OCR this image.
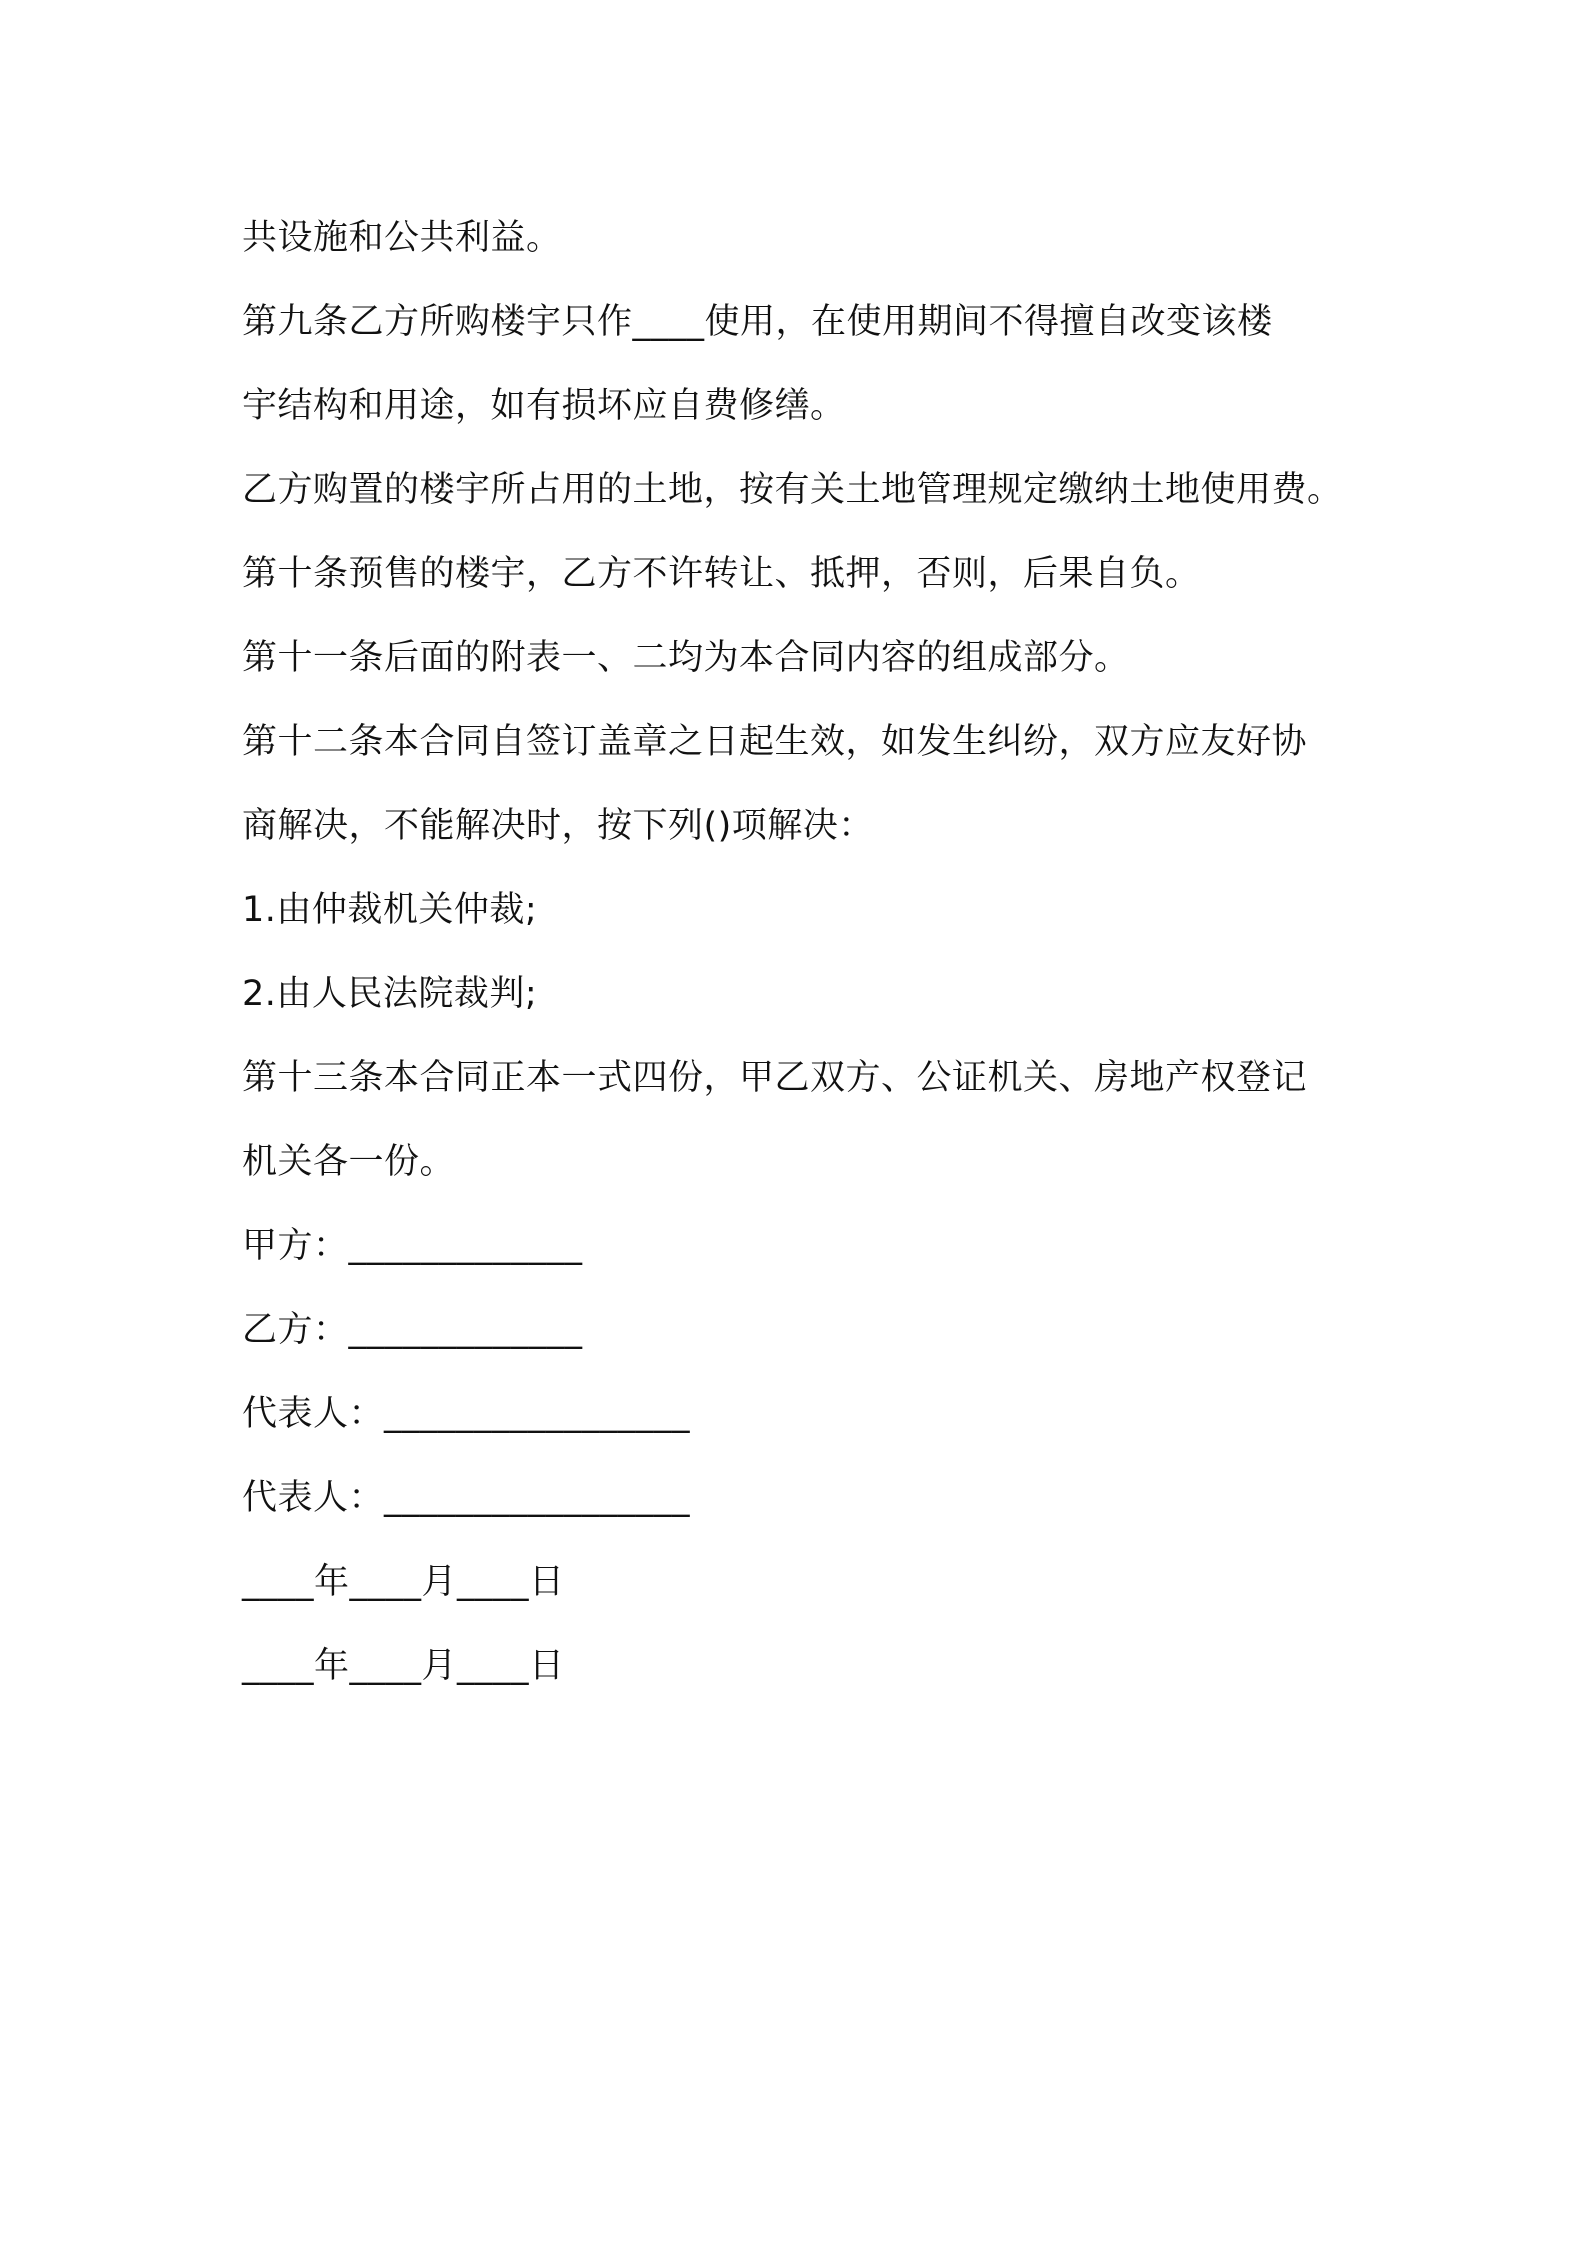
共设施和公共利益。
第九条乙方所购楼宇只作____使用，在使用期间不得擅自改变该楼
宇结构和用途，如有损坏应自费修缮。
乙方购置的楼宇所占用的土地，按有关土地管理规定缴纳土地使用费。
第十条预售的楼宇，乙方不许转让、抵押，否则，后果自负。
第十一条后面的附表一、二均为本合同内容的组成部分。
第十二条本合同自签订盖章之日起生效，如发生纠纷，双方应友好协
商解决，不能解决时，按下列()项解决：
1.由仲裁机关仲裁;
2.由人民法院裁判;
第十三条本合同正本一式四份，甲乙双方、公证机关、房地产权登记
机关各一份。
甲方：_____________
乙方：_____________
代表人：_________________
代表人：_________________
____年____月____日
____年____月____日
